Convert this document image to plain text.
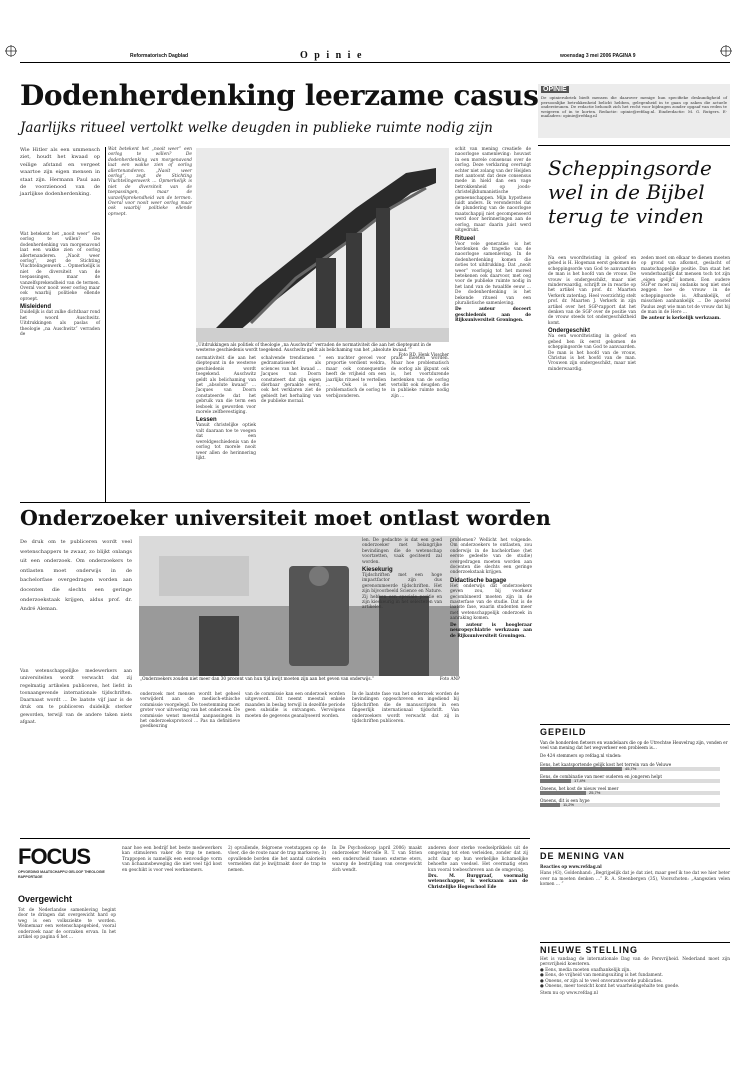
Reformatorisch Dagblad	O p i n i e	woensdag 3 mei 2006 PAGINA 9
Dodenherdenking leerzame casus
Jaarlijks ritueel vertolkt welke deugden in publieke ruimte nodig zijn
OPINIE
De opinierubriek biedt mensen die daarover menige hun specifieke deskundigheid of persoonlijke betrokkenheid belicht hebben, gelegenheid in te gaan op zaken die actuele ondersteunen. De redactie behoudt zich het recht voor bijdragen zonder opgaaf van reden te weigeren of in te korten. Redactie: opinie@refdag.nl. Eindredactie: M. G. Rutgers. E-mailadres: opinie@refdag.nl
Scheppingsorde wel in de Bijbel terug te vinden
Wie Hitler als een ummensch ziet, houdt het kwaad op veilige afstand en vergeet waartoe zijn eigen mensen in staat zijn. Hermann Paul aan de voorzienood van de jaarlijkse dodenherdenking.

Wat betekent het „nooit weer” een oorlog te willen? De dodenherdenking van morgenavond laat een wakke zien of oorlog allertenanderen. „Naoit weer oorlog”, zegt de Stichting Vluchtelingenwerk ... Opmerkelijk is niet de diversiteit van de toepassingen, maar de vanzelfsprekendheid van de termen. Overal voor nooit weer oorlog maar ook waarbij politieke ellende oproept.

Misleidend

Duidelijk is dat zulke dichtbaar rond het woord Auschwitz. Uitdrukkingen als paslas of theologie „na Auschwitz” verraden de

Wat betekent het „nooit weer” een oorlog te willen? De dodenherdenking van morgenavond laat een wakke zien of oorlog allertenanderen. „Naoit weer oorlog”, zegt de Stichting Vluchtelingenwerk ... Opmerkelijk is niet de diversiteit van de toepassingen, maar de vanzelfsprekendheid van de termen. Overal voor nooit weer oorlog maar ook waarbij politieke ellende oproept.

„Uitdrukkingen als politiek of theologie „na Auschwitz” verraden de normativiteit die aan het dieptepunt in de westerse geschiedenis wordt toegekend. Auschwitz geldt als belichaming van het „absolute kwaad.””
Foto RD, Henk Visscher

normativiteit die aan het dieptepunt in de westerse geschiedenis wordt toegekend. Auschwitz geldt als belichaming van het „absolute kwaad” ... Jacques van Doorn constateerde dat het gebruik van die term een lesboek is geworden voor morele zelfbevestiging.

Lessen

Vanuit christelijke optiek valt daaraan toe te voegen dat een wereldgeschiedenis van de oorlog tot morele nooit weer allen de herinnering lijkt.

schalvende trendismen ” gedramatiseerd als sciences van het kwaad ... Jacques van Doorn constateert dat zijn eigen dierbaar geraakte eerst, ook het verklaren ziet de gebiedt het herhaling van de publieke moraal.
een nuchter gevoel voor proportie verdient weldra, maar ook consequentie heeft de vrijheid om een jaarlijks ritueel te vertellen ... Ook is het problematisch de oorlog te verbijzonderen.
praat moeten worden. Maar hoe problematisch de oorlog als ijkpunt ook is, het voortdurende herdenken van de oorlog vertolkt ook deugden die in publieke ruimte nodig zijn ...

schit van mening creatiefe de naoorlogse samenleving: houvast in een morele consensus over de oorlog. Deze verklaring overtuigt echter niet zolang van der Heijden met aantoont dat deze consensus mede in hield dan een vage betrokkenheid op joods-christelijkhumanistische gemeenschappen. Mijn hypothese luidt anders. Ik veronderstel dat de plundering van de naoorlogse maatschappij niet gecompenseerd werd door herinneringen aan de oorlog, maar daarin juist werd uitgedrukt.

Ritueel

Voor vele generaties is het herdenken de tragedie van de naoorlogse samenleving. In de dodenherdenking komen die noties tot uitdrukking. Dat „nooit weer” voorlopig tot het moreel betekenen ook daarvoor, met oog voor de publieke ruimte nodig in het land van de twaalfde eeuw ... De dodenherdenking is het bekende ritueel van een pluralistische samenleving.

De auteur doceert geschiedenis aan de Rijksuniversiteit Groningen.

Na een woordtwisting in geloof en gebed is H. Hogeman eerst gekomen de scheppingsorde van God te aanvaarden de man is het hoofd van de vrouw. De vrouw is ondergeschikt, maar niet minderwaardig, schrijft ze in reactie op het artikel van prof. dr. Maarten Verkerk zaterdag. Heel voorzichtig stelt prof. dr. Maarten J. Verkerk in zijn artikel over het SGP-rapport dat het denken van de SGP over de positie van de vrouw steeds tot ondergeschiktheid komt.

Ondergeschikt

Na een woordtwisting in geloof en gebed ben ik eerst gekomen de scheppingsorde van God te aanvaarden. De man is het hoofd van de vrouw, Christus is het hoofd van de man. Vrouwen zijn ondergeschikt, maar niet minderwaardig.

zeden moet om elkaar te dienen moeten op grond van afkomst, geslacht of maatschappelijke positie. Dan staat het wonderbaarlijk dat mensen toch tot zijn „eigen gelijk” komen. Een oudere SGP'er moet mij ondanks nog niet snel zeggen hoe de vrouw in de scheppingsorde is. Afhankelijk, of misschien aanhankelijk ... De apostel Paulus zegt wie man tot de vrouw dat hij de man in de Here ...

De auteur is kerkelijk werkzaam.

Onderzoeker universiteit moet ontlast worden
De druk om te publiceren wordt veel wetenschappers te zwaar, zo blijkt onlangs uit een onderzoek. Om onderzoekers te ontlasten moet onderwijs in de bachelorfase overgedragen worden aan docenten die slechts een geringe onderzoekstaak krijgen, aldus prof. dr. André Aleman.
Van wetenschappelijke medewerkers aan universiteiten wordt verwacht dat zij regelmatig artikelen publiceren, het liefst in toonaangevende internationale tijdschriften. Daarnaast wordt ... De laatste vijf jaar is de druk om te publiceren duidelijk sterker geworden, terwijl van de andere taken niets afgaat.
„Onderzoekers zouden niet meer dan 30 procent van hun tijd kwijt moeten zijn aan het geven van onderwijs.”	Foto ANP
onderzoek met mensen wordt het geheel verwijderd aan de medisch-ethische commissie voorgelegd. De toestemming moet groter voor uitvoering van het onderzoek. De commissie wenst meestal aanpassingen in het onderzoeksprotocol ... Pas na definitieve goedkeuring
van de commissie kan een onderzoek worden uitgevoerd. Dit neemt meestal enkele maanden in beslag terwijl in dezelfde periode geen subsidie is ontvangen. Vervolgens moeten de gegevens geanalyseerd worden.
In de laatste fase van het onderzoek worden de bevindingen opgeschreven en ingediend bij tijdschriften die de manuscripten in een fingeerlijk internationaal tijdschrift. Van onderzoekers wordt verwacht dat zij in tijdschriften publiceren.

len. De gedachte is dat een goed onderzoeker met belangrijke bevindingen die de wetenschap voortzetten, vaak geciteerd zal worden.

Kiesekurig

Tijdschriften met een hoge impactfactor zijn dus gerenommeerde tijdschriften. Het zijn bijvoorbeeld Science en Nature. Zij hebben een speciale positie en zijn kieskeurig in het selecteren van artikelen.

problemen? Wellicht het volgende. Om onderzoekers te ontlasten, zou onderwijs in de bachelorfase (het eerste gedeelte van de studie) overgedragen moeten worden aan docenten die slechts een geringe onderzoekstaak krijgen.

Didactische bagage

Het onderwijs dat onderzoekers geven zou, bij voorkeur gecombineerd moeten zijn in de masterfase van de studie. Dat is de laatste fase, waarin studenten meer met wetenschappelijk onderzoek in aanraking komen.

De auteur is hoogleraar neuropsychiatrie werkzaam aan de Rijksuniversiteit Groningen.

FOCUS
OPVOEDING MAATSCHAPPIJ GELOOF THEOLOGIE RAPPORTAGE
Overgewicht
Tot de Nederlandse samenleving begint door te dringen dat overgewicht hard op weg is een volksziekte te worden. Welnemaar een wetenschapsgebied, vooral onderzoek naar de oorzaken ervan. In het artikel op pagina 6 het ...
naar hoe een bedrijf het beste medewerkers kan stimuleren vaker de trap te nemen. Trappopen is namelijk een eenvoudige vorm van lichaamsbeweging die niet veel tijd kost en geschikt is voor veel werknemers.
2) opvallende, felgroene voetstappen op de vloer, die de route naar de trap markeren; 3) opvallende borden die het aantal calorieën vermelden dat je kwijtraakt door de trap te nemen.
In De Psychoskoop (april 2006) maakt onderzoeker Mercelle R. T. van Strien een onderscheid tussen externe eters, waarop de bestrijding van overgewicht zich wendt.

anderen door sterke voedselprikkels uit de omgeving tot eten verleiden, zonder dat zij acht daar op hun werkelijke lichamelijke behoefte aan voedsel. Het overmatig eten kun vooral toebeschreven aan de omgeving.

Drs. M. Burggraaf, voormalig wetenschapper, is werkzaam aan de Christelijke Hogeschool Ede

GEPEILD
Van de honderden fietsers en wandelaars die op de Utrechtse Heuvelrug zijn, vonden er veel van mening dat het wegverkeer een probleem is...
De 424 stemmers op refdag.nl vinden:
Eens, het kaatsportende gelijk kost het terrein van de Veluwe
45,7%
Eens, de combinatie van meer ouderen en jongeren helpt
17,4%
Oneens, het kost de nieuw veel meer
25,7%
Oneens, dit is een hype
11,2%
DE MENING VAN
Reacties op www.refdag.nl
Hans (43), Goldenhand: „Begrijpelijk dat je dat ziet, maar geef ik toe dat we hier beter over na moeten denken ...” R. A. Steenbergen (35), Voorschoten: „Aangezien velen komen ... ”
NIEUWE STELLING
Het is vandaag de internationale Dag van de Persvrijheid. Nederland moet zijn persvrijheid koesteren.
● Eens, media moeten onafhankelijk zijn.
● Eens, de vrijheid van meningsuiting is het fundament.
● Oneens, er zijn al te veel onverantwoorde publicaties.
● Oneens, meer toezicht komt het waarheidsgehalte ten goede.
Stem nu op www.refdag.nl
